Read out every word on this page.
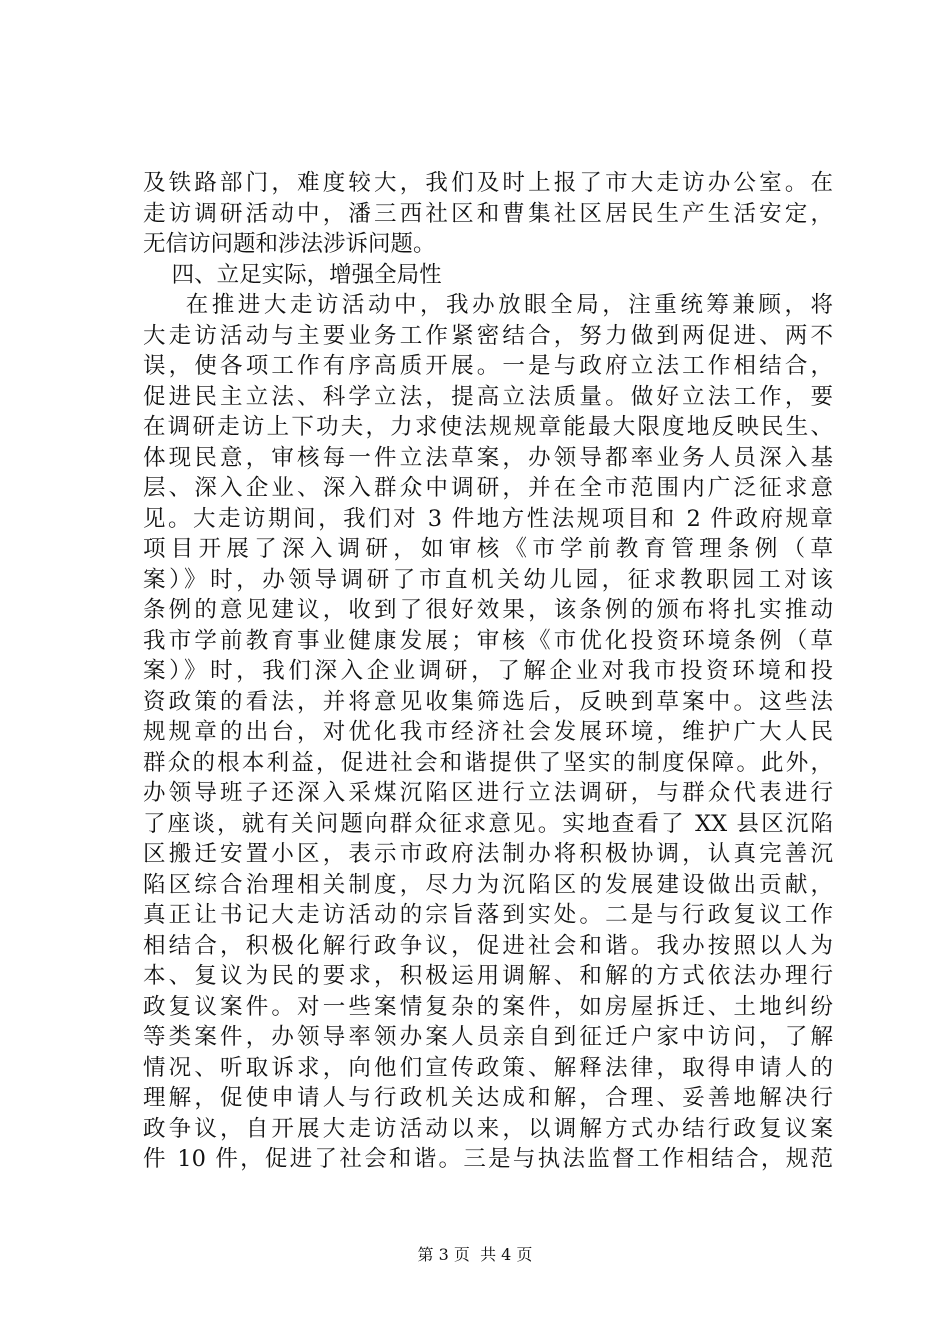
及铁路部门，难度较大，我们及时上报了市大走访办公室。在
走访调研活动中，潘三西社区和曹集社区居民生产生活安定，
无信访问题和涉法涉诉问题。
四、立足实际，增强全局性
在推进大走访活动中，我办放眼全局，注重统筹兼顾，将
大走访活动与主要业务工作紧密结合，努力做到两促进、两不
误，使各项工作有序高质开展。一是与政府立法工作相结合，
促进民主立法、科学立法，提高立法质量。做好立法工作，要
在调研走访上下功夫，力求使法规规章能最大限度地反映民生、
体现民意，审核每一件立法草案，办领导都率业务人员深入基
层、深入企业、深入群众中调研，并在全市范围内广泛征求意
见。大走访期间，我们对 3 件地方性法规项目和 2 件政府规章
项目开展了深入调研，如审核《市学前教育管理条例（草
案）》时，办领导调研了市直机关幼儿园，征求教职园工对该
条例的意见建议，收到了很好效果，该条例的颁布将扎实推动
我市学前教育事业健康发展；审核《市优化投资环境条例（草
案）》时，我们深入企业调研，了解企业对我市投资环境和投
资政策的看法，并将意见收集筛选后，反映到草案中。这些法
规规章的出台，对优化我市经济社会发展环境，维护广大人民
群众的根本利益，促进社会和谐提供了坚实的制度保障。此外，
办领导班子还深入采煤沉陷区进行立法调研，与群众代表进行
了座谈，就有关问题向群众征求意见。实地查看了 XX 县区沉陷
区搬迁安置小区，表示市政府法制办将积极协调，认真完善沉
陷区综合治理相关制度，尽力为沉陷区的发展建设做出贡献，
真正让书记大走访活动的宗旨落到实处。二是与行政复议工作
相结合，积极化解行政争议，促进社会和谐。我办按照以人为
本、复议为民的要求，积极运用调解、和解的方式依法办理行
政复议案件。对一些案情复杂的案件，如房屋拆迁、土地纠纷
等类案件，办领导率领办案人员亲自到征迁户家中访问，了解
情况、听取诉求，向他们宣传政策、解释法律，取得申请人的
理解，促使申请人与行政机关达成和解，合理、妥善地解决行
政争议，自开展大走访活动以来，以调解方式办结行政复议案
件 10 件，促进了社会和谐。三是与执法监督工作相结合，规范
第 3 页  共 4 页
